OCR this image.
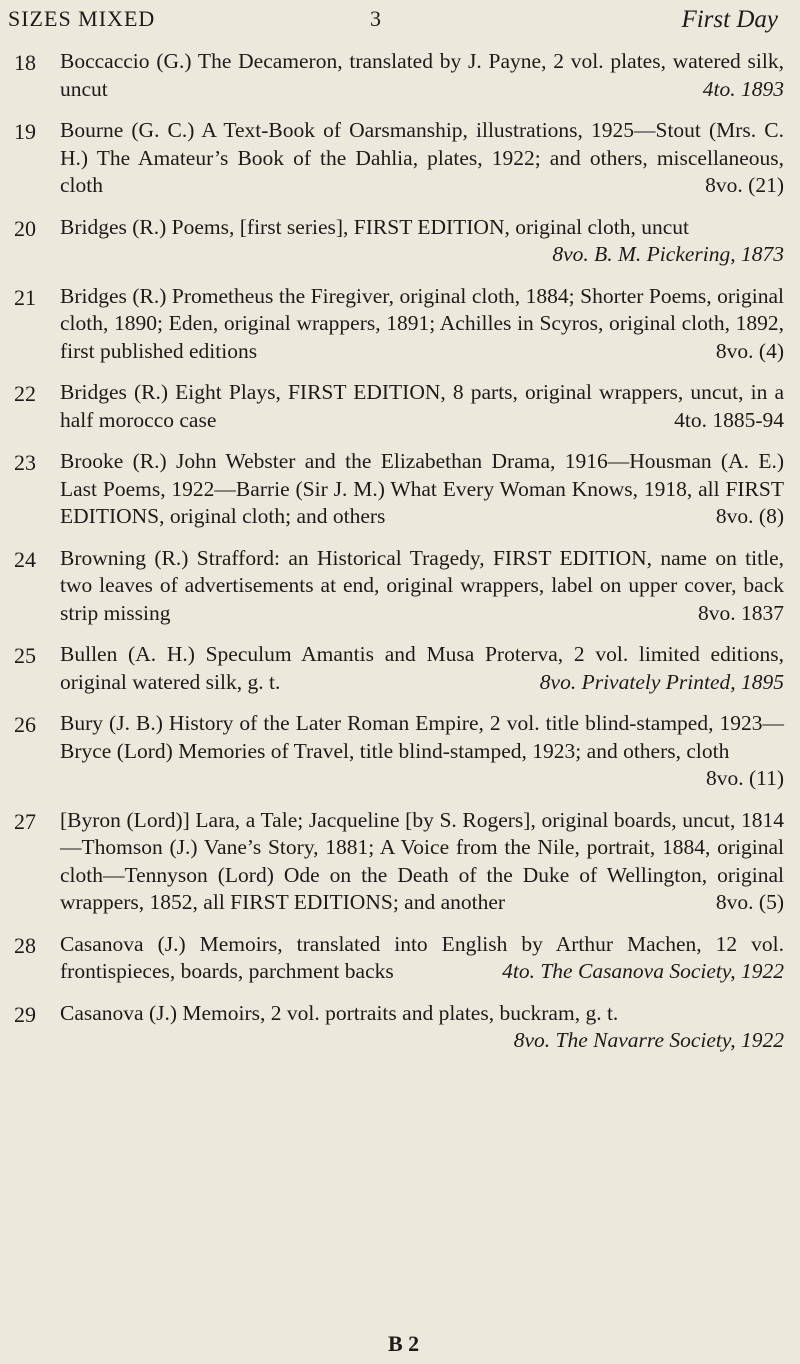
SIZES MIXED	3	First Day
18	Boccaccio (G.) The Decameron, translated by J. Payne, 2 vol. plates, watered silk, uncut	4to. 1893
19	Bourne (G. C.) A Text-Book of Oarsmanship, illustrations, 1925—Stout (Mrs. C. H.) The Amateur’s Book of the Dahlia, plates, 1922; and others, miscellaneous, cloth	8vo. (21)
20	Bridges (R.) Poems, [first series], FIRST EDITION, original cloth, uncut
8vo. B. M. Pickering, 1873
21	Bridges (R.) Prometheus the Firegiver, original cloth, 1884; Shorter Poems, original cloth, 1890; Eden, original wrappers, 1891; Achilles in Scyros, original cloth, 1892, first published editions	8vo. (4)
22	Bridges (R.) Eight Plays, FIRST EDITION, 8 parts, original wrappers, uncut, in a half morocco case	4to. 1885-94
23	Brooke (R.) John Webster and the Elizabethan Drama, 1916—Housman (A. E.) Last Poems, 1922—Barrie (Sir J. M.) What Every Woman Knows, 1918, all FIRST EDITIONS, original cloth; and others	8vo. (8)
24	Browning (R.) Strafford: an Historical Tragedy, FIRST EDITION, name on title, two leaves of advertisements at end, original wrappers, label on upper cover, back strip missing	8vo. 1837
25	Bullen (A. H.) Speculum Amantis and Musa Proterva, 2 vol. limited editions, original watered silk, g. t.	8vo. Privately Printed, 1895
26	Bury (J. B.) History of the Later Roman Empire, 2 vol. title blind-stamped, 1923—Bryce (Lord) Memories of Travel, title blind-stamped, 1923; and others, cloth
8vo. (11)
27	[Byron (Lord)] Lara, a Tale; Jacqueline [by S. Rogers], original boards, uncut, 1814—Thomson (J.) Vane’s Story, 1881; A Voice from the Nile, portrait, 1884, original cloth—Tennyson (Lord) Ode on the Death of the Duke of Wellington, original wrappers, 1852, all FIRST EDITIONS; and another	8vo. (5)
28	Casanova (J.) Memoirs, translated into English by Arthur Machen, 12 vol. frontispieces, boards, parchment backs	4to. The Casanova Society, 1922
29	Casanova (J.) Memoirs, 2 vol. portraits and plates, buckram, g. t.
8vo. The Navarre Society, 1922
B 2
